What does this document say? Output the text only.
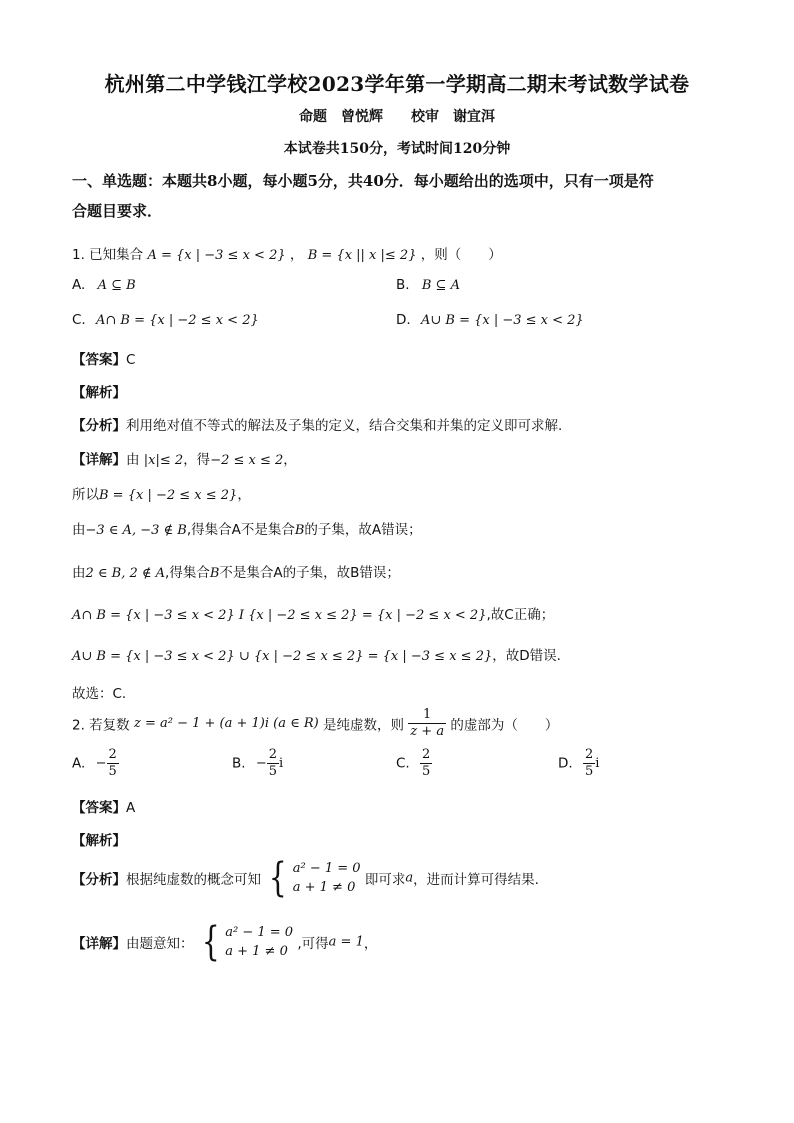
杭州第二中学钱江学校2023学年第一学期高二期末考试数学试卷
命题　曾悦辉　　校审　谢宜洱
本试卷共150分，考试时间120分钟
一、单选题：本题共8小题，每小题5分，共40分．每小题给出的选项中，只有一项是符
合题目要求．
1. 已知集合 A = {x | −3 ≤ x < 2} ， B = {x || x |≤ 2} ，则（　　）
A. A ⊆ B	B. B ⊆ A
C. A∩ B = {x | −2 ≤ x < 2}	D. A∪ B = {x | −3 ≤ x < 2}
【答案】C
【解析】
【分析】利用绝对值不等式的解法及子集的定义，结合交集和并集的定义即可求解.
【详解】由 |x|≤ 2，得−2 ≤ x ≤ 2，
所以B = {x | −2 ≤ x ≤ 2}，
由−3 ∈ A, −3 ∉ B,得集合A不是集合B的子集，故A错误；
由2 ∈ B, 2 ∉ A,得集合B不是集合A的子集，故B错误；
A∩ B = {x | −3 ≤ x < 2} I {x | −2 ≤ x ≤ 2} = {x | −2 ≤ x < 2},故C正确；
A∪ B = {x | −3 ≤ x < 2} ∪ {x | −2 ≤ x ≤ 2} = {x | −3 ≤ x ≤ 2}，故D错误.
故选：C.
2. 若复数 z = a² − 1 + (a + 1)i (a ∈ R) 是纯虚数，则 $\frac{1}{z + a}$ 的虚部为（　　）
A. − $\frac{2}{5}$	B. − $\frac{2}{5}$ i	C. $\frac{2}{5}$	D. $\frac{2}{5}$ i
【答案】A
【解析】
【分析】根据纯虚数的概念可知 { a² − 1 = 0
a + 1 ≠ 0 即可求a，进而计算可得结果.
【详解】由题意知： { a² − 1 = 0
a + 1 ≠ 0 ,可得a = 1，
